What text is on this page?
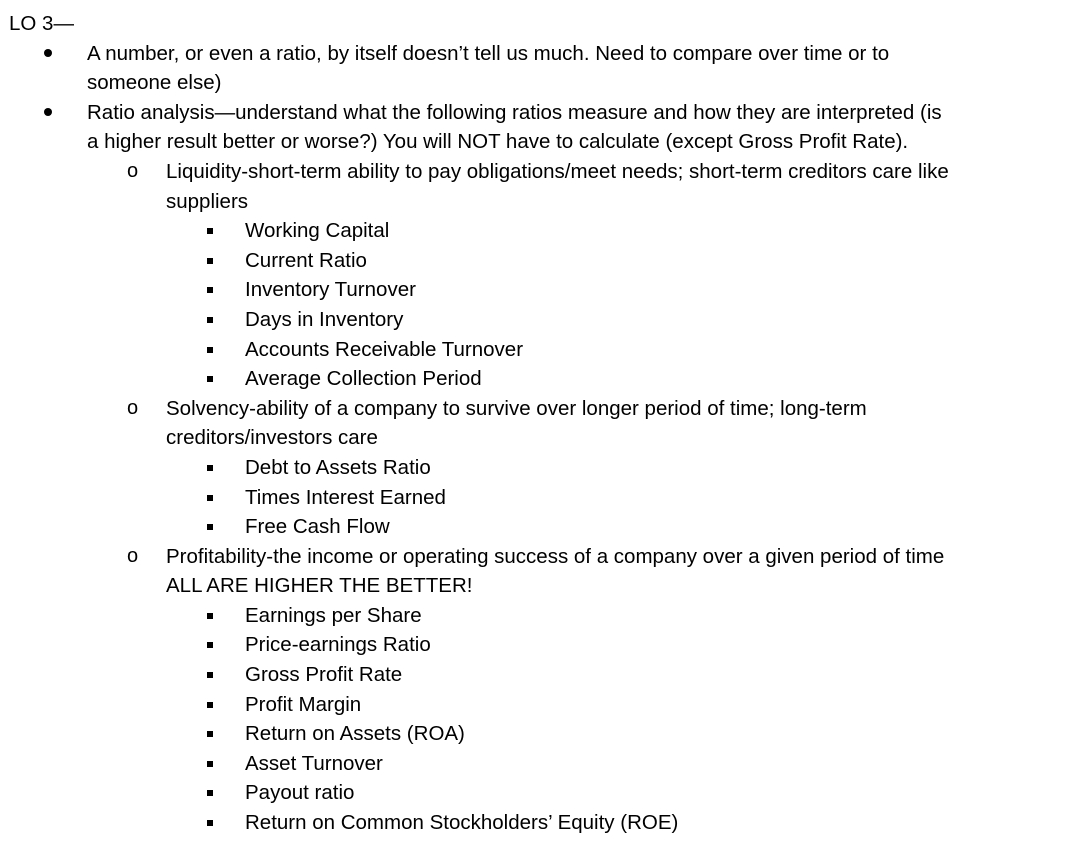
LO 3—
A number, or even a ratio, by itself doesn’t tell us much. Need to compare over time or to
someone else)
Ratio analysis—understand what the following ratios measure and how they are interpreted (is
a higher result better or worse?) You will NOT have to calculate (except Gross Profit Rate).
o Liquidity-short-term ability to pay obligations/meet needs; short-term creditors care like
suppliers
Working Capital
Current Ratio
Inventory Turnover
Days in Inventory
Accounts Receivable Turnover
Average Collection Period
o Solvency-ability of a company to survive over longer period of time; long-term
creditors/investors care
Debt to Assets Ratio
Times Interest Earned
Free Cash Flow
o Profitability-the income or operating success of a company over a given period of time
ALL ARE HIGHER THE BETTER!
Earnings per Share
Price-earnings Ratio
Gross Profit Rate
Profit Margin
Return on Assets (ROA)
Asset Turnover
Payout ratio
Return on Common Stockholders’ Equity (ROE)
